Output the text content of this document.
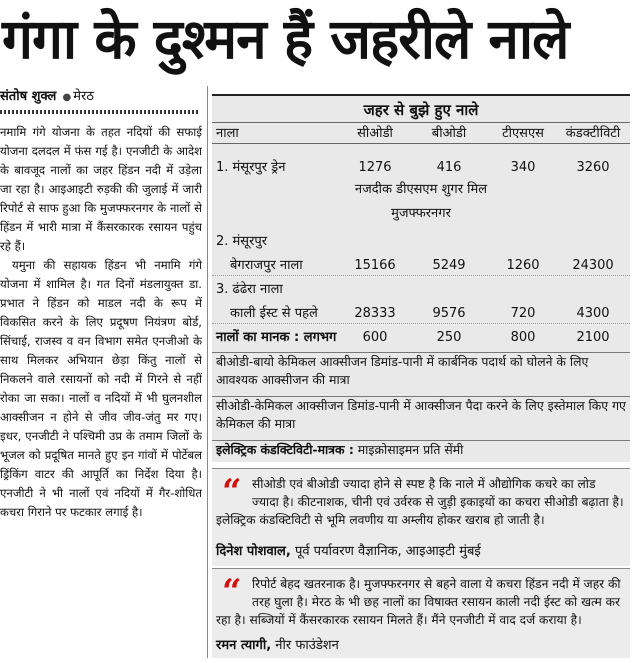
गंगा के दुश्मन हैं जहरीले नाले
संतोष शुक्ल ● मेरठ

नमामि गंगे योजना के तहत नदियों की सफाई योजना दलदल में फंस गई है। एनजीटी के आदेश के बावजूद नालों का जहर हिंडन नदी में उड़ेला जा रहा है। आइआइटी रुड़की की जुलाई में जारी रिपोर्ट से साफ हुआ कि मुजफ्फरनगर के नालों से हिंडन में भारी मात्रा में कैंसरकारक रसायन पहुंच रहे हैं।

यमुना की सहायक हिंडन भी नमामि गंगे योजना में शामिल है। गत दिनों मंडलायुक्त डा. प्रभात ने हिंडन को माडल नदी के रूप में विकसित करने के लिए प्रदूषण नियंत्रण बोर्ड, सिंचाई, राजस्व व वन विभाग समेत एनजीओ के साथ मिलकर अभियान छेड़ा किंतु नालों से निकलने वाले रसायनों को नदी में गिरने से नहीं रोका जा सका। नालों व नदियों में भी घुलनशील आक्सीजन न होने से जीव जीव-जंतु मर गए। इधर, एनजीटी ने पश्चिमी उप्र के तमाम जिलों के भूजल को प्रदूषित मानते हुए इन गांवों में पोर्टेबल ड्रिंकिंग वाटर की आपूर्ति का निर्देश दिया है। एनजीटी ने भी नालों एवं नदियों में गैर-शोधित कचरा गिराने पर फटकार लगाई है।

जहर से बुझे हुए नाले
नाला	सीओडी	बीओडी	टीएसएस	कंडक्टीविटी
1. मंसूरपुर ड्रेन	1276	416	340	3260
नजदीक डीएसएम शुगर मिल
मुजफ्फरनगर
2. मंसूरपुर
बेगराजपुर नाला	15166	5249	1260	24300
3. ढंढेरा नाला
काली ईस्ट से पहले	28333	9576	720	4300
नालों का मानक : लगभग	600	250	800	2100
बीओडी-बायो केमिकल आक्सीजन डिमांड-पानी में कार्बनिक पदार्थ को घोलने के लिए आवश्यक आक्सीजन की मात्रा
सीओडी-केमिकल आक्सीजन डिमांड-पानी में आक्सीजन पैदा करने के लिए इस्तेमाल किए गए केमिकल की मात्रा
इलेक्ट्रिक कंडक्टिविटी-मात्रक : माइक्रोसाइमन प्रति सेंमी
“ सीओडी एवं बीओडी ज्यादा होने से स्पष्ट है कि नाले में औद्योगिक कचरे का लोड ज्यादा है। कीटनाशक, चीनी एवं उर्वरक से जुड़ी इकाइयों का कचरा सीओडी बढ़ाता है।
इलेक्ट्रिक कंडक्टिविटी से भूमि लवणीय या अम्लीय होकर खराब हो जाती है।
दिनेश पोशवाल, पूर्व पर्यावरण वैज्ञानिक, आइआइटी मुंबई
“ रिपोर्ट बेहद खतरनाक है। मुजफ्फरनगर से बहने वाला ये कचरा हिंडन नदी में जहर की तरह घुला है। मेरठ के भी छह नालों का विषाक्त रसायन काली नदी ईस्ट को खत्म कर
रहा है। सब्जियों में कैंसरकारक रसायन मिलते हैं। मैंने एनजीटी में वाद दर्ज कराया है।
रमन त्यागी, नीर फाउंडेशन
